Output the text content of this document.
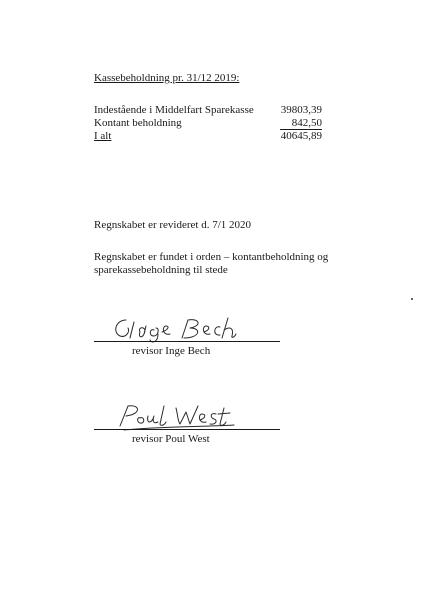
Kassebeholdning pr. 31/12 2019:
Indestående i Middelfart Sparekasse 39803,39
Kontant beholdning	842,50
I alt	40645,89
Regnskabet er revideret d. 7/1 2020
Regnskabet er fundet i orden – kontantbeholdning og sparekassebeholdning til stede
revisor Inge Bech
revisor Poul West
